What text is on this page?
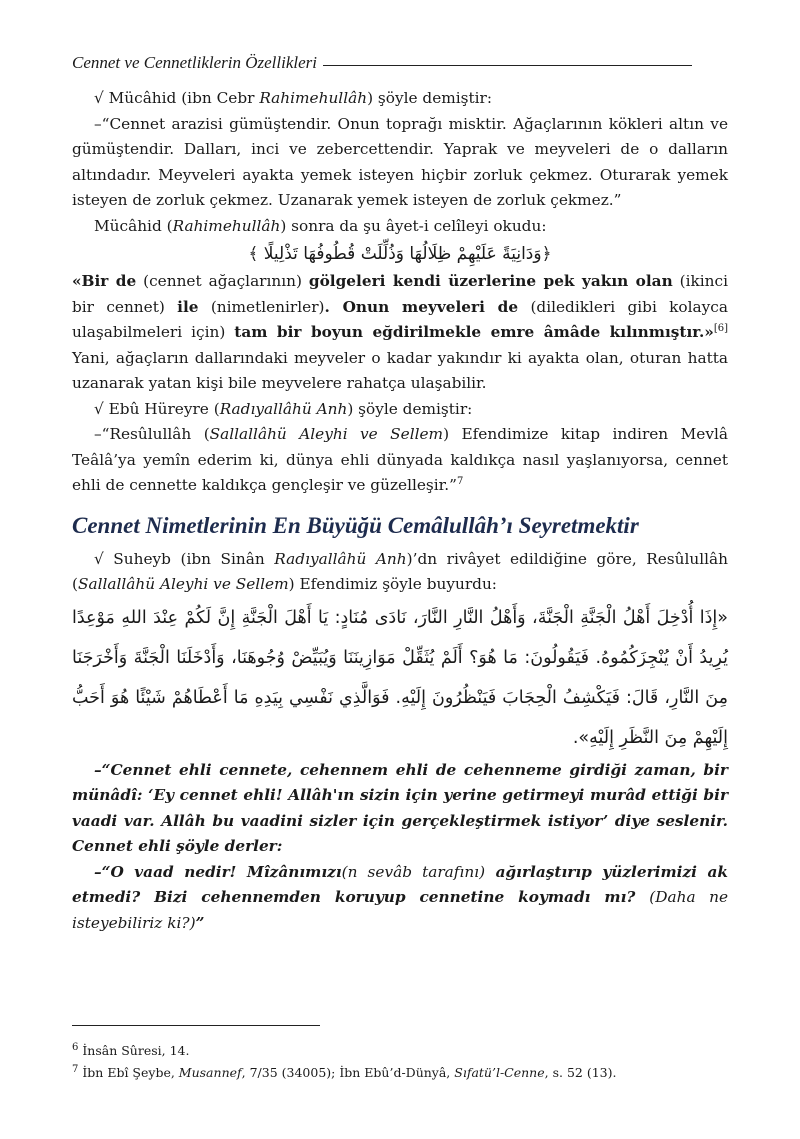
Cennet ve Cennetliklerin Özellikleri

√ Mücâhid (ibn Cebr Rahimehullâh) şöyle demiştir:

–“Cennet arazisi gümüştendir. Onun toprağı misktir. Ağaçlarının kökleri altın ve gümüştendir. Dalları, inci ve zebercettendir. Yaprak ve meyveleri de o dalların altındadır. Meyveleri ayakta yemek isteyen hiçbir zorluk çekmez. Oturarak yemek isteyen de zorluk çekmez. Uzanarak yemek isteyen de zorluk çekmez.”

Mücâhid (Rahimehullâh) sonra da şu âyet-i celîleyi okudu:

﴿وَدَانِيَةً عَلَيْهِمْ ظِلَالُهَا وَذُلِّلَتْ قُطُوفُهَا تَذْلِيلًا ﴾

«Bir de (cennet ağaçlarının) gölgeleri kendi üzerlerine pek yakın olan (ikinci bir cennet) ile (nimetlenirler). Onun meyveleri de (diledikleri gibi kolayca ulaşabilmeleri için) tam bir boyun eğdirilmekle emre âmâde kılınmıştır.»[6] Yani, ağaçların dallarındaki meyveler o kadar yakındır ki ayakta olan, oturan hatta uzanarak yatan kişi bile meyvelere rahatça ulaşabilir.

√ Ebû Hüreyre (Radıyallâhü Anh) şöyle demiştir:

–“Resûlullâh (Sallallâhü Aleyhi ve Sellem) Efendimize kitap indiren Mevlâ Teâlâ’ya yemîn ederim ki, dünya ehli dünyada kaldıkça nasıl yaşlanıyorsa, cennet ehli de cennette kaldıkça gençleşir ve güzelleşir.”$^7$

Cennet Nimetlerinin En Büyüğü Cemâlullâh’ı Seyretmektir

√ Suheyb (ibn Sinân Radıyallâhü Anh)’dn rivâyet edildiğine göre, Resûlullâh (Sallallâhü Aleyhi ve Sellem) Efendimiz şöyle buyurdu:

«إِذَا أُدْخِلَ أَهْلُ الْجَنَّةِ الْجَنَّةَ، وَأَهْلُ النَّارِ النَّارَ، نَادَى مُنَادٍ: يَا أَهْلَ الْجَنَّةِ إِنَّ لَكُمْ عِنْدَ اللهِ مَوْعِدًا يُرِيدُ أَنْ يُنْجِزَكُمُوهُ. فَيَقُولُونَ: مَا هُوَ؟ أَلَمْ يُثَقِّلْ مَوَازِينَنَا وَيُبَيِّضْ وُجُوهَنَا، وَأَدْخَلَنَا الْجَنَّةَ وَأَخْرَجَنَا مِنَ النَّارِ، قَالَ: فَيَكْشِفُ الْحِجَابَ فَيَنْظُرُونَ إِلَيْهِ. فَوَالَّذِي نَفْسِي بِيَدِهِ مَا أَعْطَاهُمْ شَيْئًا هُوَ أَحَبُّ إِلَيْهِمْ مِنَ النَّظَرِ إِلَيْهِ».

–“Cennet ehli cennete, cehennem ehli de cehenneme girdiği zaman, bir münâdî: ‘Ey cennet ehli! Allâh'ın sizin için yerine getirmeyi murâd ettiği bir vaadi var. Allâh bu vaadini sizler için gerçekleştirmek istiyor’ diye seslenir. Cennet ehli şöyle derler:

–“O vaad nedir! Mîzânımızı(n sevâb tarafını) ağırlaştırıp yüzlerimizi ak etmedi? Bizi cehennemden koruyup cennetine koymadı mı? (Daha ne isteyebiliriz ki?)”

$^6$ İnsân Sûresi, 14.

$^7$ İbn Ebî Şeybe, Musannef, 7/35 (34005); İbn Ebû’d-Dünyâ, Sıfatü’l-Cenne, s. 52 (13).
